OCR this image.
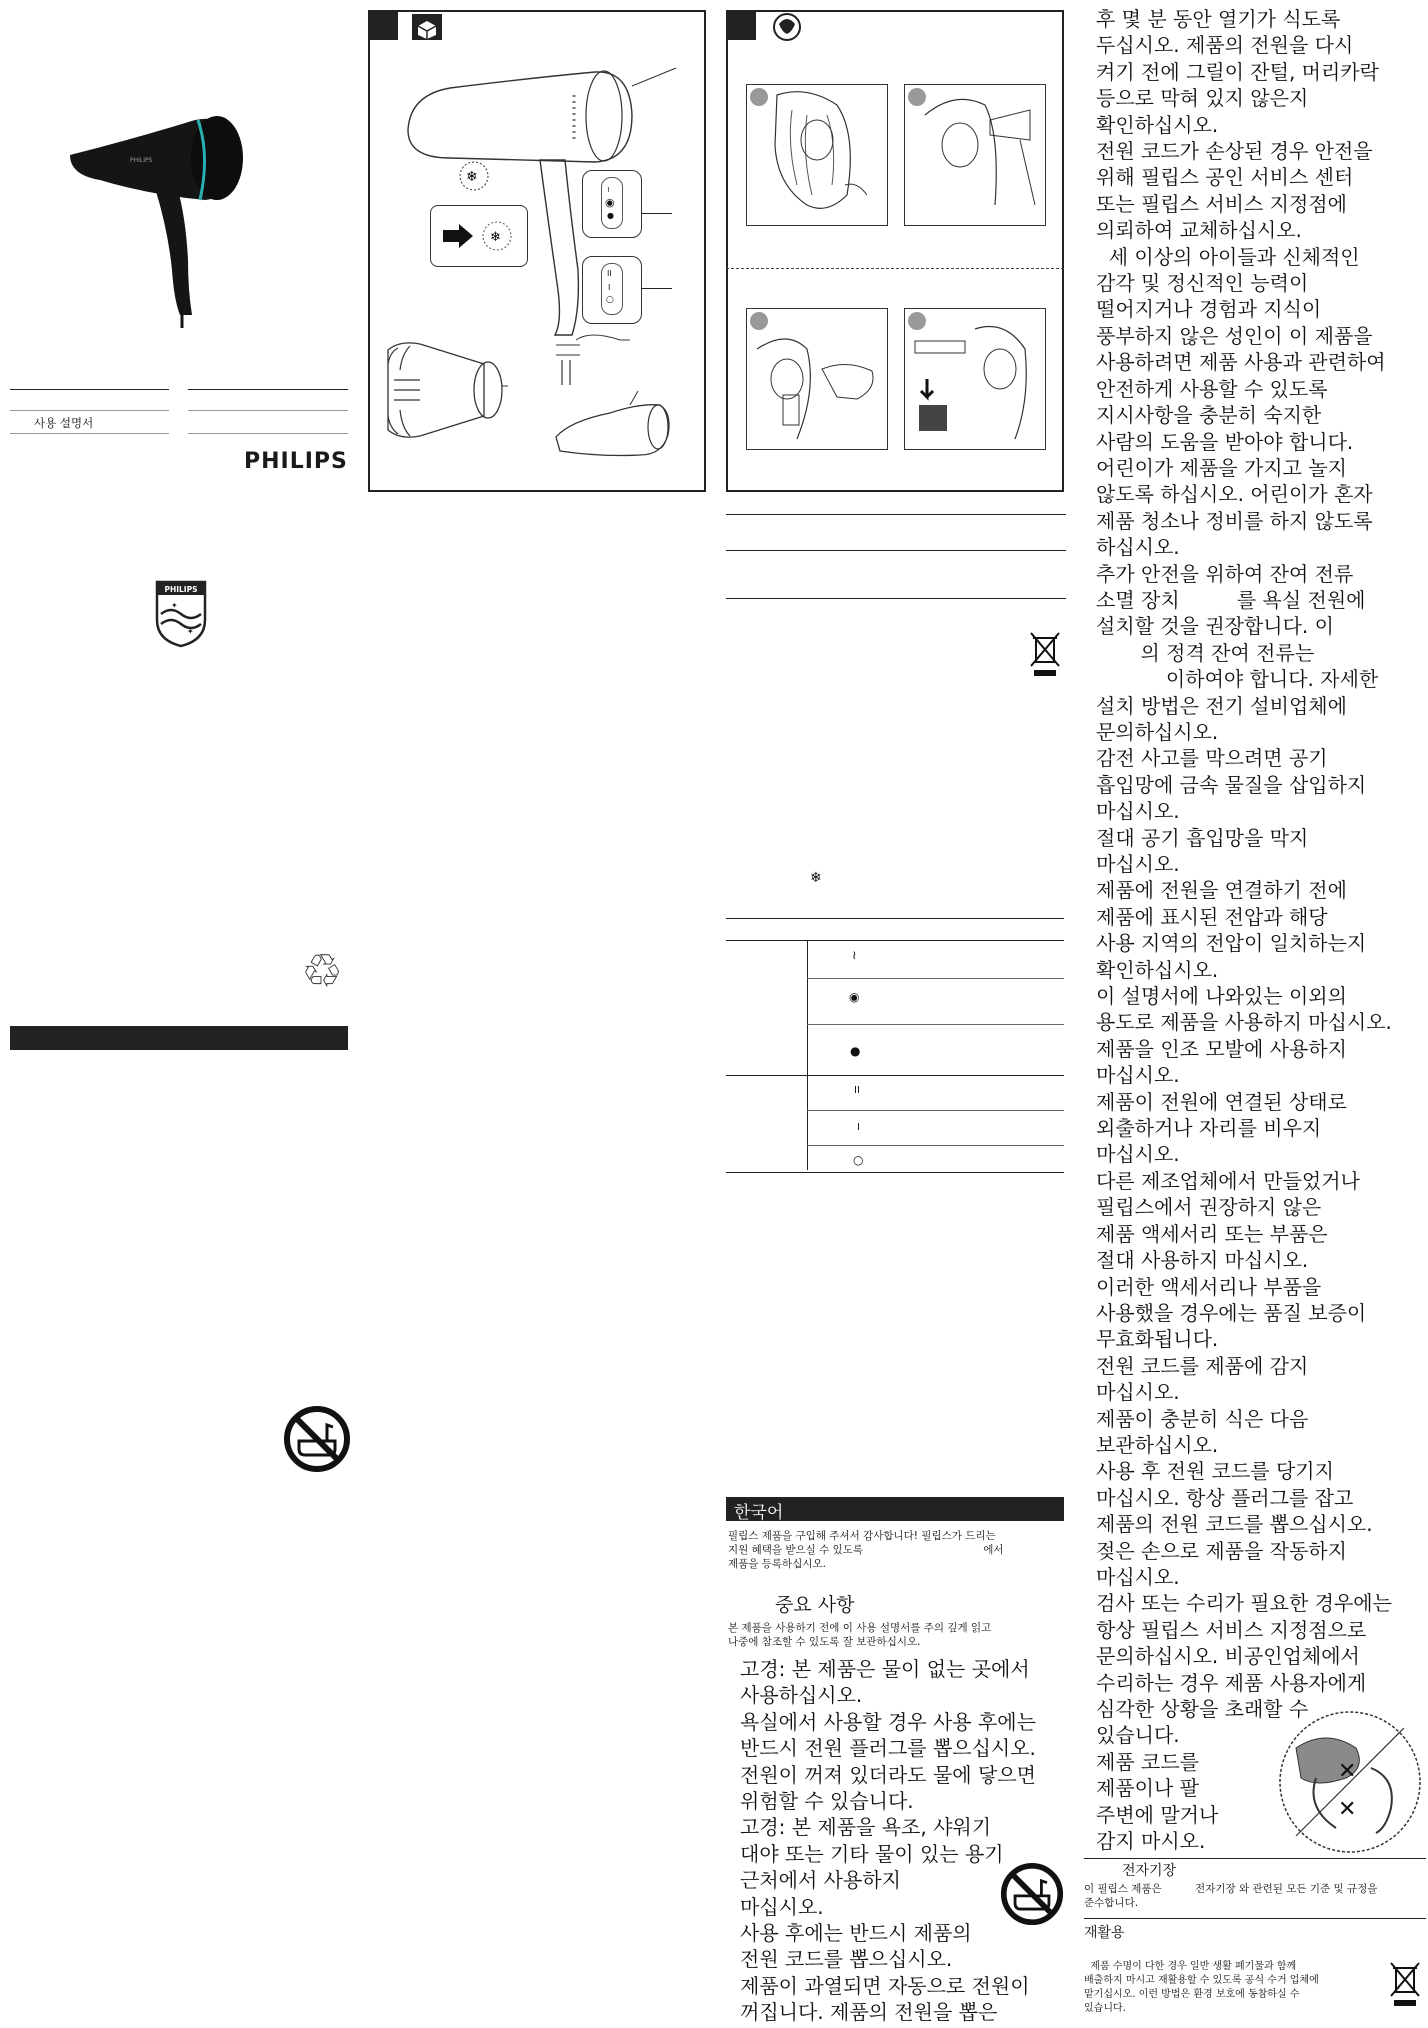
PHILIPS
사용 설명서
PHILIPS
PHILIPS
✦
✦
♲
❄
❄
≀
◉
●
II
I
○
❄
≀
◉
●
II
I
○
한국어
필립스 제품을 구입해 주셔서 감사합니다! 필립스가 드리는
지원 혜택을 받으실 수 있도록                                    에서
제품을 등록하십시오.
중요 사항
본 제품을 사용하기 전에 이 사용 설명서를 주의 깊게 읽고
나중에 참조할 수 있도록 잘 보관하십시오.
고경: 본 제품은 물이 없는 곳에서
사용하십시오.
욕실에서 사용할 경우 사용 후에는
반드시 전원 플러그를 뽑으십시오.
전원이 꺼져 있더라도 물에 닿으면
위험할 수 있습니다.
고경: 본 제품을 욕조, 샤워기
대야 또는 기타 물이 있는 용기
근처에서 사용하지
마십시오.
사용 후에는 반드시 제품의
전원 코드를 뽑으십시오.
제품이 과열되면 자동으로 전원이
꺼집니다. 제품의 전원을 뽑은
후 몇 분 동안 열기가 식도록
두십시오. 제품의 전원을 다시
켜기 전에 그릴이 잔털, 머리카락
등으로 막혀 있지 않은지
확인하십시오.
전원 코드가 손상된 경우 안전을
위해 필립스 공인 서비스 센터
또는 필립스 서비스 지정점에
의뢰하여 교체하십시오.
세 이상의 아이들과 신체적인
감각 및 정신적인 능력이
떨어지거나 경험과 지식이
풍부하지 않은 성인이 이 제품을
사용하려면 제품 사용과 관련하여
안전하게 사용할 수 있도록
지시사항을 충분히 숙지한
사람의 도움을 받아야 합니다.
어린이가 제품을 가지고 놀지
않도록 하십시오. 어린이가 혼자
제품 청소나 정비를 하지 않도록
하십시오.
추가 안전을 위하여 잔여 전류
소멸 장치         를 욕실 전원에
설치할 것을 권장합니다. 이
의 정격 잔여 전류는
이하여야 합니다. 자세한
설치 방법은 전기 설비업체에
문의하십시오.
감전 사고를 막으려면 공기
흡입망에 금속 물질을 삽입하지
마십시오.
절대 공기 흡입망을 막지
마십시오.
제품에 전원을 연결하기 전에
제품에 표시된 전압과 해당
사용 지역의 전압이 일치하는지
확인하십시오.
이 설명서에 나와있는 이외의
용도로 제품을 사용하지 마십시오.
제품을 인조 모발에 사용하지
마십시오.
제품이 전원에 연결된 상태로
외출하거나 자리를 비우지
마십시오.
다른 제조업체에서 만들었거나
필립스에서 권장하지 않은
제품 액세서리 또는 부품은
절대 사용하지 마십시오.
이러한 액세서리나 부품을
사용했을 경우에는 품질 보증이
무효화됩니다.
전원 코드를 제품에 감지
마십시오.
제품이 충분히 식은 다음
보관하십시오.
사용 후 전원 코드를 당기지
마십시오. 항상 플러그를 잡고
제품의 전원 코드를 뽑으십시오.
젖은 손으로 제품을 작동하지
마십시오.
검사 또는 수리가 필요한 경우에는
항상 필립스 서비스 지정점으로
문의하십시오. 비공인업체에서
수리하는 경우 제품 사용자에게
심각한 상황을 초래할 수
있습니다.
제품 코드를
제품이나 팔
주변에 말거나
감지 마시오.
✕
✕
전자기장
이 필립스 제품은          전자기장 와 관련된 모든 기준 및 규정을
준수합니다.
재활용
제품 수명이 다한 경우 일반 생활 폐기물과 함께
배출하지 마시고 재활용할 수 있도록 공식 수거 업체에
맡기십시오. 이런 방법은 환경 보호에 동참하실 수
있습니다.
